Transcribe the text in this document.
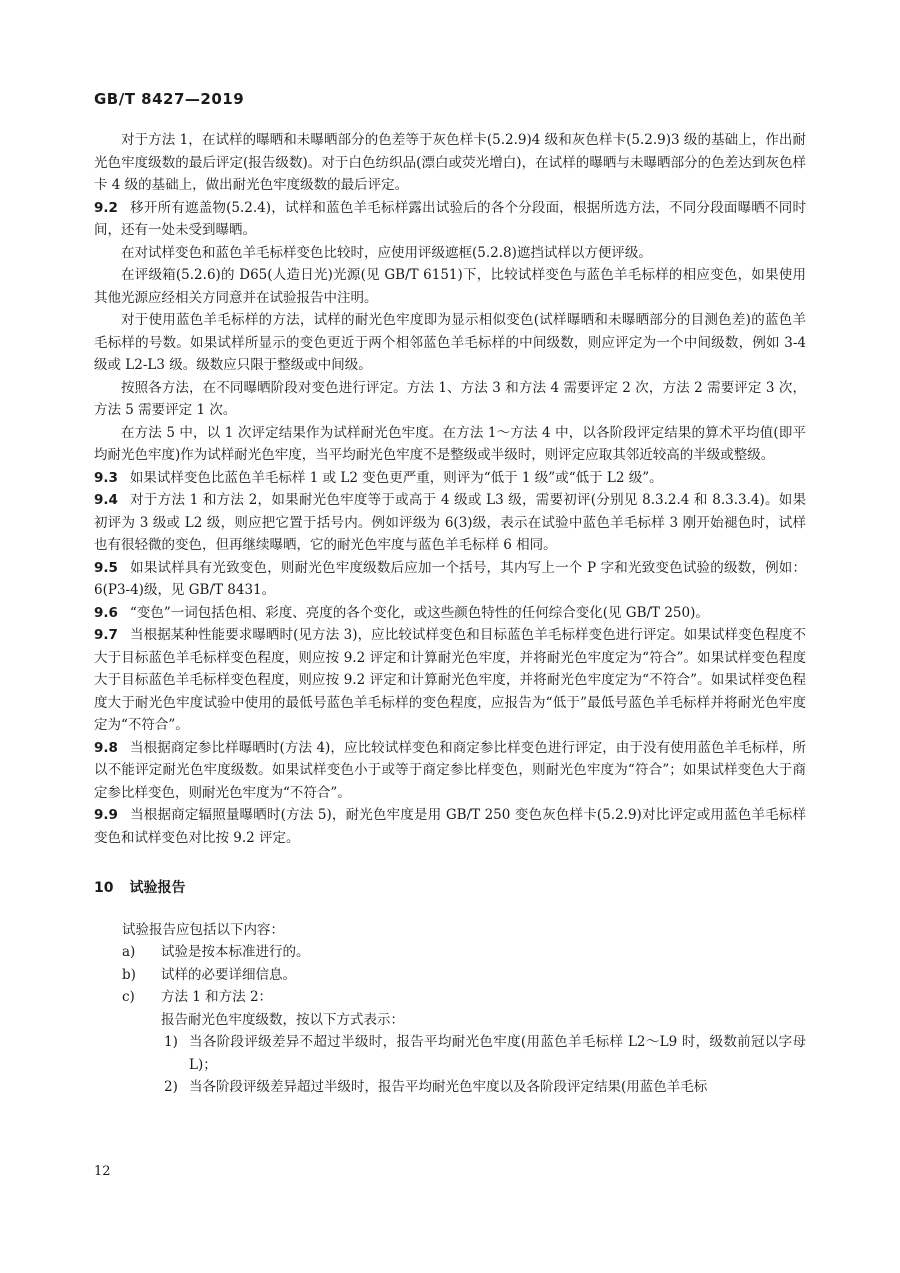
GB/T 8427—2019

对于方法 1，在试样的曝晒和未曝晒部分的色差等于灰色样卡(5.2.9)4 级和灰色样卡(5.2.9)3 级的基础上，作出耐光色牢度级数的最后评定(报告级数)。对于白色纺织品(漂白或荧光增白)，在试样的曝晒与未曝晒部分的色差达到灰色样卡 4 级的基础上，做出耐光色牢度级数的最后评定。

9.2 移开所有遮盖物(5.2.4)，试样和蓝色羊毛标样露出试验后的各个分段面，根据所选方法，不同分段面曝晒不同时间，还有一处未受到曝晒。

在对试样变色和蓝色羊毛标样变色比较时，应使用评级遮框(5.2.8)遮挡试样以方便评级。

在评级箱(5.2.6)的 D65(人造日光)光源(见 GB/T 6151)下，比较试样变色与蓝色羊毛标样的相应变色，如果使用其他光源应经相关方同意并在试验报告中注明。

对于使用蓝色羊毛标样的方法，试样的耐光色牢度即为显示相似变色(试样曝晒和未曝晒部分的目测色差)的蓝色羊毛标样的号数。如果试样所显示的变色更近于两个相邻蓝色羊毛标样的中间级数，则应评定为一个中间级数，例如 3-4 级或 L2-L3 级。级数应只限于整级或中间级。

按照各方法，在不同曝晒阶段对变色进行评定。方法 1、方法 3 和方法 4 需要评定 2 次，方法 2 需要评定 3 次，方法 5 需要评定 1 次。

在方法 5 中，以 1 次评定结果作为试样耐光色牢度。在方法 1～方法 4 中，以各阶段评定结果的算术平均值(即平均耐光色牢度)作为试样耐光色牢度，当平均耐光色牢度不是整级或半级时，则评定应取其邻近较高的半级或整级。

9.3 如果试样变色比蓝色羊毛标样 1 或 L2 变色更严重，则评为“低于 1 级”或“低于 L2 级”。

9.4 对于方法 1 和方法 2，如果耐光色牢度等于或高于 4 级或 L3 级，需要初评(分别见 8.3.2.4 和 8.3.3.4)。如果初评为 3 级或 L2 级，则应把它置于括号内。例如评级为 6(3)级，表示在试验中蓝色羊毛标样 3 刚开始褪色时，试样也有很轻微的变色，但再继续曝晒，它的耐光色牢度与蓝色羊毛标样 6 相同。

9.5 如果试样具有光致变色，则耐光色牢度级数后应加一个括号，其内写上一个 P 字和光致变色试验的级数，例如：6(P3-4)级，见 GB/T 8431。

9.6 “变色”一词包括色相、彩度、亮度的各个变化，或这些颜色特性的任何综合变化(见 GB/T 250)。

9.7 当根据某种性能要求曝晒时(见方法 3)，应比较试样变色和目标蓝色羊毛标样变色进行评定。如果试样变色程度不大于目标蓝色羊毛标样变色程度，则应按 9.2 评定和计算耐光色牢度，并将耐光色牢度定为“符合”。如果试样变色程度大于目标蓝色羊毛标样变色程度，则应按 9.2 评定和计算耐光色牢度，并将耐光色牢度定为“不符合”。如果试样变色程度大于耐光色牢度试验中使用的最低号蓝色羊毛标样的变色程度，应报告为“低于”最低号蓝色羊毛标样并将耐光色牢度定为“不符合”。

9.8 当根据商定参比样曝晒时(方法 4)，应比较试样变色和商定参比样变色进行评定，由于没有使用蓝色羊毛标样，所以不能评定耐光色牢度级数。如果试样变色小于或等于商定参比样变色，则耐光色牢度为“符合”；如果试样变色大于商定参比样变色，则耐光色牢度为“不符合”。

9.9 当根据商定辐照量曝晒时(方法 5)，耐光色牢度是用 GB/T 250 变色灰色样卡(5.2.9)对比评定或用蓝色羊毛标样变色和试样变色对比按 9.2 评定。

10 试验报告

试验报告应包括以下内容：

a) 试验是按本标准进行的。

b) 试样的必要详细信息。

c) 方法 1 和方法 2：

报告耐光色牢度级数，按以下方式表示：

1) 当各阶段评级差异不超过半级时，报告平均耐光色牢度(用蓝色羊毛标样 L2～L9 时，级数前冠以字母 L)；

2) 当各阶段评级差异超过半级时，报告平均耐光色牢度以及各阶段评定结果(用蓝色羊毛标

12
